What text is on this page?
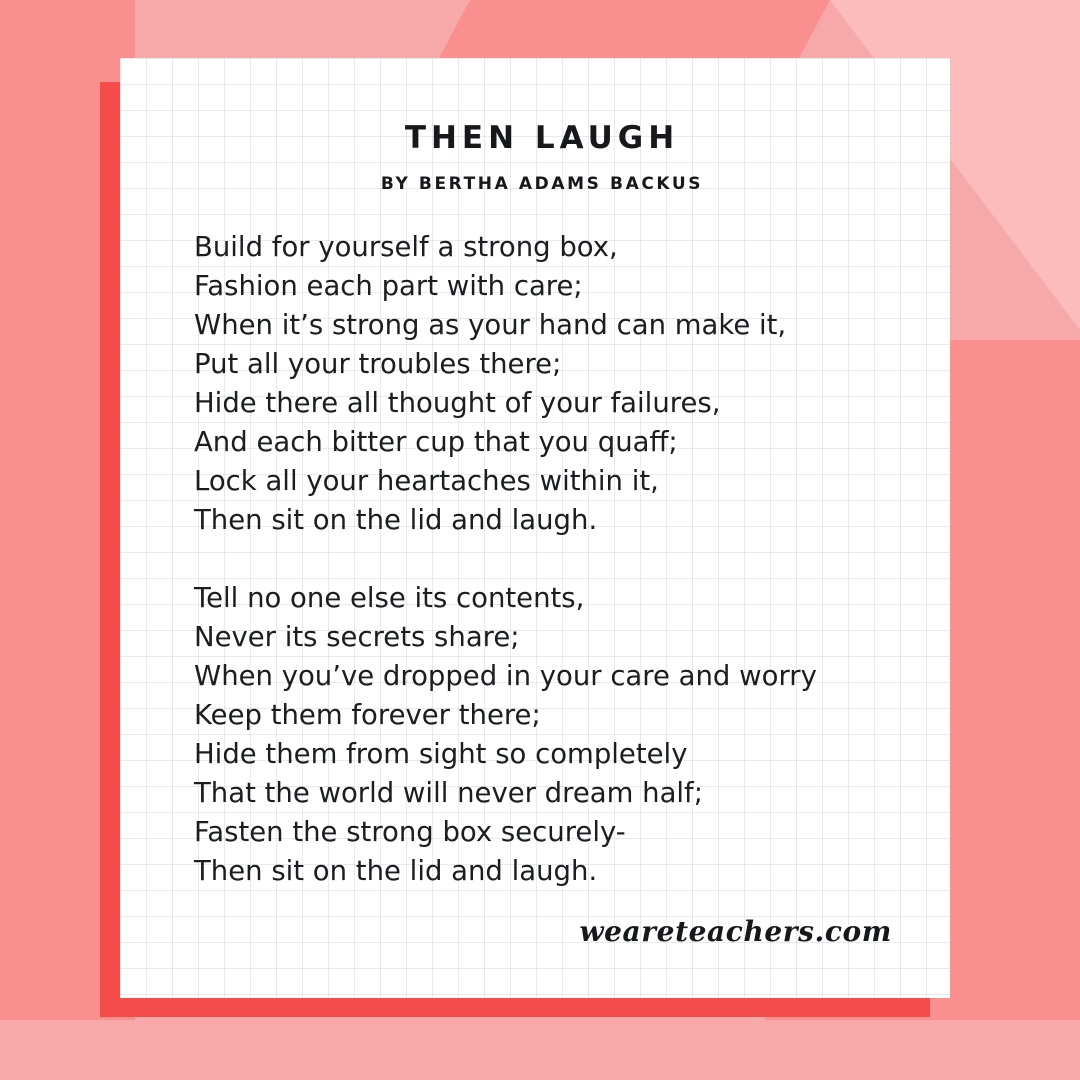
THEN LAUGH
BY BERTHA ADAMS BACKUS
Build for yourself a strong box,
Fashion each part with care;
When it’s strong as your hand can make it,
Put all your troubles there;
Hide there all thought of your failures,
And each bitter cup that you quaff;
Lock all your heartaches within it,
Then sit on the lid and laugh.
Tell no one else its contents,
Never its secrets share;
When you’ve dropped in your care and worry
Keep them forever there;
Hide them from sight so completely
That the world will never dream half;
Fasten the strong box securely-
Then sit on the lid and laugh.
weareteachers.com
